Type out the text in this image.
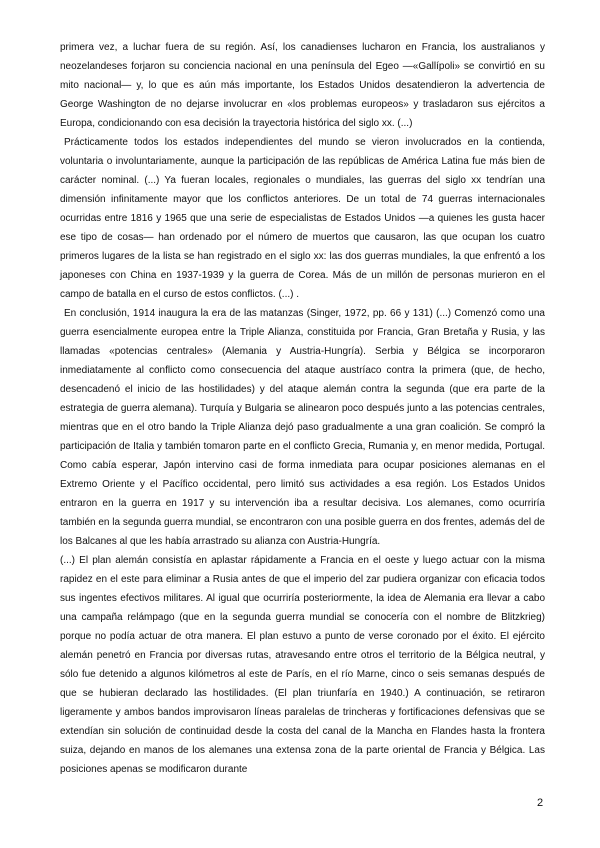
primera vez, a luchar fuera de su región. Así, los canadienses lucharon en Francia, los australianos y neozelandeses forjaron su conciencia nacional en una península del Egeo —«Gallípoli» se convirtió en su mito nacional— y, lo que es aún más importante, los Estados Unidos desatendieron la advertencia de George Washington de no dejarse involucrar en «los problemas europeos» y trasladaron sus ejércitos a Europa, condicionando con esa decisión la trayectoria histórica del siglo xx. (...)

Prácticamente todos los estados independientes del mundo se vieron involucrados en la contienda, voluntaria o involuntariamente, aunque la participación de las repúblicas de América Latina fue más bien de carácter nominal. (...) Ya fueran locales, regionales o mundiales, las guerras del siglo xx tendrían una dimensión infinitamente mayor que los conflictos anteriores. De un total de 74 guerras internacionales ocurridas entre 1816 y 1965 que una serie de especialistas de Estados Unidos —a quienes les gusta hacer ese tipo de cosas— han ordenado por el número de muertos que causaron, las que ocupan los cuatro primeros lugares de la lista se han registrado en el siglo xx: las dos guerras mundiales, la que enfrentó a los japoneses con China en 1937-1939 y la guerra de Corea. Más de un millón de personas murieron en el campo de batalla en el curso de estos conflictos. (...) .

En conclusión, 1914 inaugura la era de las matanzas (Singer, 1972, pp. 66 y 131) (...) Comenzó como una guerra esencialmente europea entre la Triple Alianza, constituida por Francia, Gran Bretaña y Rusia, y las llamadas «potencias centrales» (Alemania y Austria-Hungría). Serbia y Bélgica se incorporaron inmediatamente al conflicto como consecuencia del ataque austríaco contra la primera (que, de hecho, desencadenó el inicio de las hostilidades) y del ataque alemán contra la segunda (que era parte de la estrategia de guerra alemana). Turquía y Bulgaria se alinearon poco después junto a las potencias centrales, mientras que en el otro bando la Triple Alianza dejó paso gradualmente a una gran coalición. Se compró la participación de Italia y también tomaron parte en el conflicto Grecia, Rumania y, en menor medida, Portugal. Como cabía esperar, Japón intervino casi de forma inmediata para ocupar posiciones alemanas en el Extremo Oriente y el Pacífico occidental, pero limitó sus actividades a esa región. Los Estados Unidos entraron en la guerra en 1917 y su intervención iba a resultar decisiva. Los alemanes, como ocurriría también en la segunda guerra mundial, se encontraron con una posible guerra en dos frentes, además del de los Balcanes al que les había arrastrado su alianza con Austria-Hungría.

(...) El plan alemán consistía en aplastar rápidamente a Francia en el oeste y luego actuar con la misma rapidez en el este para eliminar a Rusia antes de que el imperio del zar pudiera organizar con eficacia todos sus ingentes efectivos militares. Al igual que ocurriría posteriormente, la idea de Alemania era llevar a cabo una campaña relámpago (que en la segunda guerra mundial se conocería con el nombre de Blitzkrieg) porque no podía actuar de otra manera. El plan estuvo a punto de verse coronado por el éxito. El ejército alemán penetró en Francia por diversas rutas, atravesando entre otros el territorio de la Bélgica neutral, y sólo fue detenido a algunos kilómetros al este de París, en el río Marne, cinco o seis semanas después de que se hubieran declarado las hostilidades. (El plan triunfaría en 1940.) A continuación, se retiraron ligeramente y ambos bandos improvisaron líneas paralelas de trincheras y fortificaciones defensivas que se extendían sin solución de continuidad desde la costa del canal de la Mancha en Flandes hasta la frontera suiza, dejando en manos de los alemanes una extensa zona de la parte oriental de Francia y Bélgica. Las posiciones apenas se modificaron durante

2
